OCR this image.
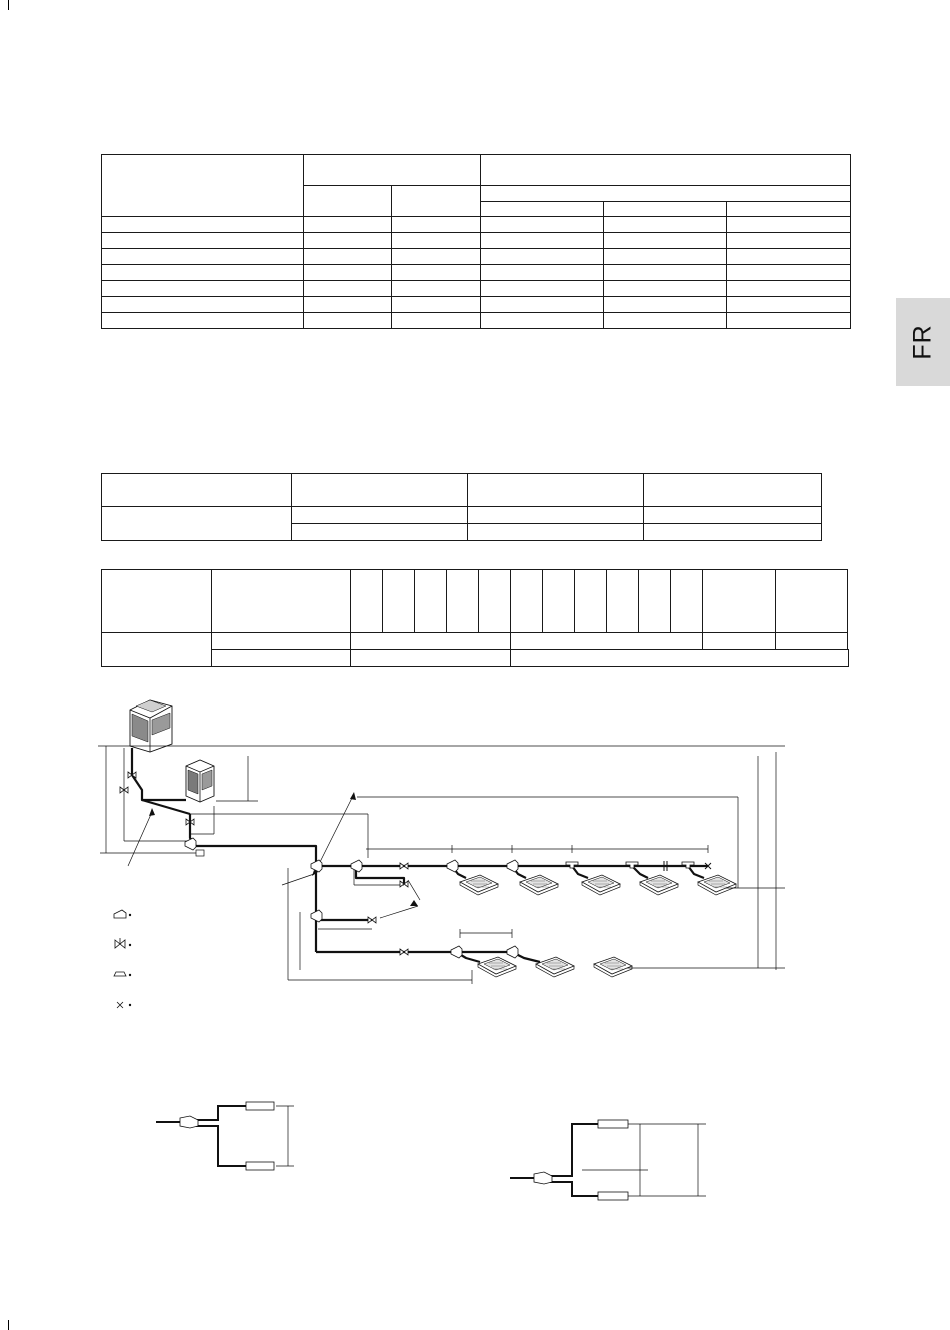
FR
